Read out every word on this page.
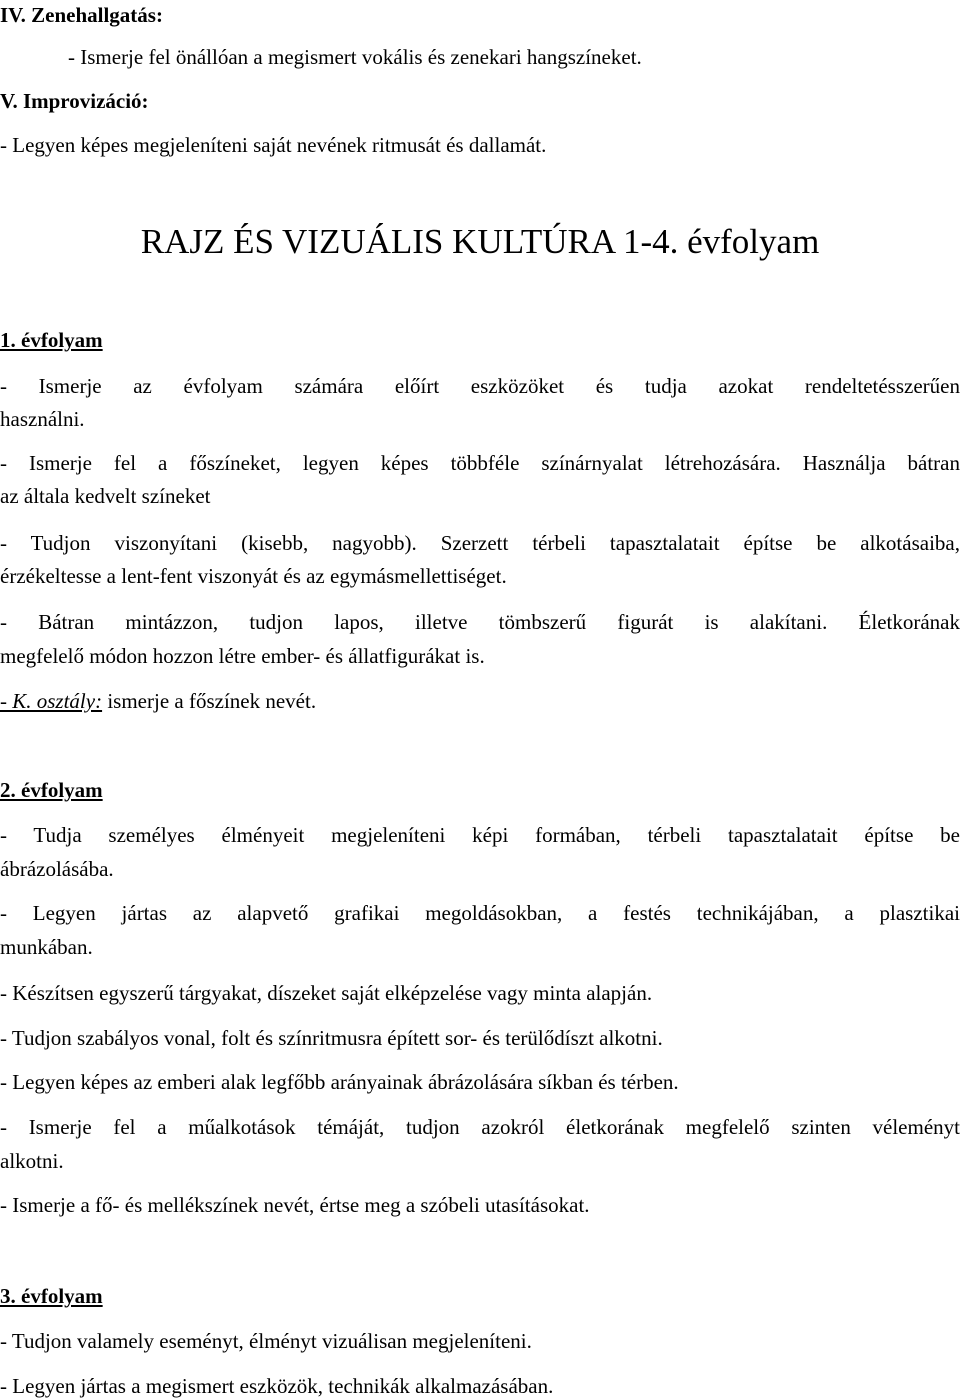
IV. Zenehallgatás:
- Ismerje fel önállóan a megismert vokális és zenekari hangszíneket.
V. Improvizáció:
- Legyen képes megjeleníteni saját nevének ritmusát és dallamát.
RAJZ ÉS VIZUÁLIS KULTÚRA 1-4. évfolyam
1. évfolyam
- Ismerje az évfolyam számára előírt eszközöket és tudja azokat rendeltetésszerűen
használni.
- Ismerje fel a főszíneket, legyen képes többféle színárnyalat létrehozására. Használja bátran
az általa kedvelt színeket
- Tudjon viszonyítani (kisebb, nagyobb). Szerzett térbeli tapasztalatait építse be alkotásaiba,
érzékeltesse a lent-fent viszonyát és az egymásmellettiséget.
- Bátran mintázzon, tudjon lapos, illetve tömbszerű figurát is alakítani. Életkorának
megfelelő módon hozzon létre ember- és állatfigurákat is.
- K. osztály: ismerje a főszínek nevét.
2. évfolyam
- Tudja személyes élményeit megjeleníteni képi formában, térbeli tapasztalatait építse be
ábrázolásába.
- Legyen jártas az alapvető grafikai megoldásokban, a festés technikájában, a plasztikai
munkában.
- Készítsen egyszerű tárgyakat, díszeket saját elképzelése vagy minta alapján.
- Tudjon szabályos vonal, folt és színritmusra épített sor- és terülődíszt alkotni.
- Legyen képes az emberi alak legfőbb arányainak ábrázolására síkban és térben.
- Ismerje fel a műalkotások témáját, tudjon azokról életkorának megfelelő szinten véleményt
alkotni.
- Ismerje a fő- és mellékszínek nevét, értse meg a szóbeli utasításokat.
3. évfolyam
- Tudjon valamely eseményt, élményt vizuálisan megjeleníteni.
- Legyen jártas a megismert eszközök, technikák alkalmazásában.
